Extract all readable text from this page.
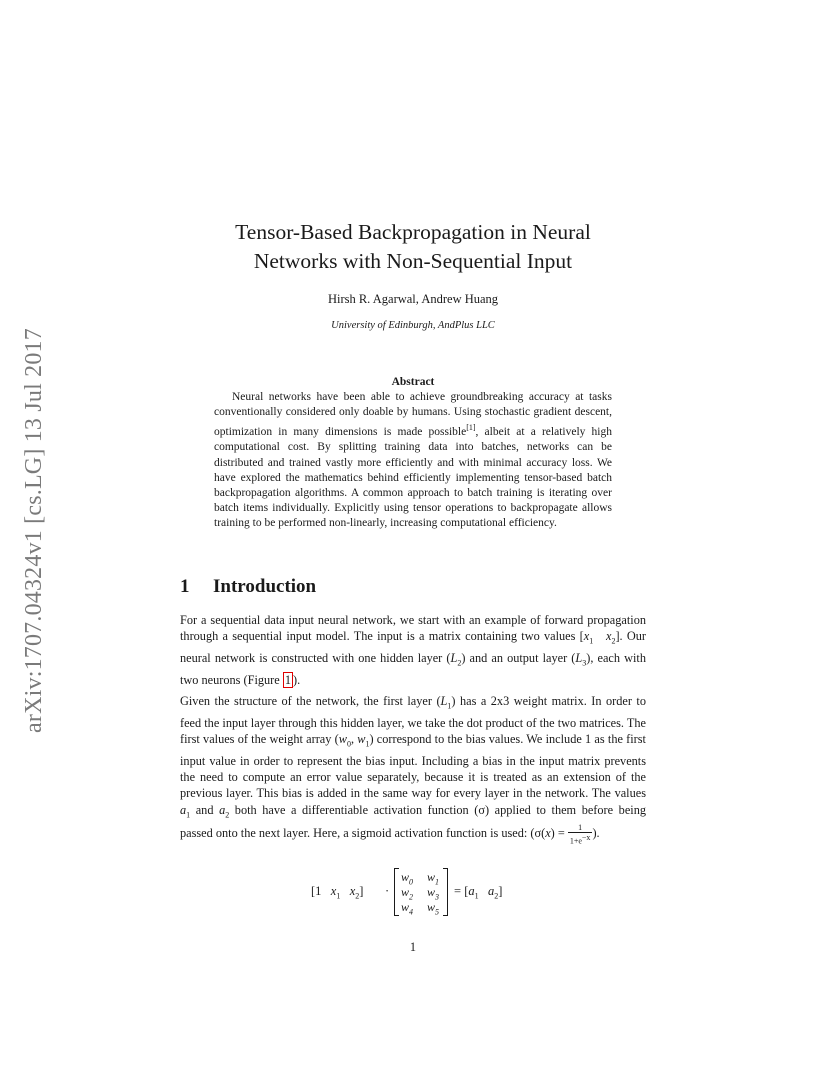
arXiv:1707.04324v1 [cs.LG] 13 Jul 2017
Tensor-Based Backpropagation in Neural
Networks with Non-Sequential Input
Hirsh R. Agarwal, Andrew Huang
University of Edinburgh, AndPlus LLC
Abstract

Neural networks have been able to achieve groundbreaking accuracy at tasks conventionally considered only doable by humans. Using stochastic gradient descent, optimization in many dimensions is made possible[1], albeit at a relatively high computational cost. By splitting training data into batches, networks can be distributed and trained vastly more efficiently and with minimal accuracy loss. We have explored the mathematics behind efficiently implementing tensor-based batch backpropagation algorithms. A common approach to batch training is iterating over batch items individually. Explicitly using tensor operations to backpropagate allows training to be performed non-linearly, increasing computational efficiency.

1 Introduction

For a sequential data input neural network, we start with an example of forward propagation through a sequential input model. The input is a matrix containing two values [$x_1$ $x_2$]. Our neural network is constructed with one hidden layer $(L_2)$ and an output layer $(L_3)$, each with two neurons (Figure 1 ).

Given the structure of the network, the first layer $(L_1)$ has a 2x3 weight matrix. In order to feed the input layer through this hidden layer, we take the dot product of the two matrices. The first values of the weight array ($w_0$, $w_1$) correspond to the bias values. We include 1 as the first input value in order to represent the bias input. Including a bias in the input matrix prevents the need to compute an error value separately, because it is treated as an extension of the previous layer. This bias is added in the same way for every layer in the network. The values $a_1$ and $a_2$ both have a differentiable activation function (σ) applied to them before being passed onto the next layer. Here, a sigmoid activation function is used: ($\sigma(x) = \frac{1}{1+e^{-x}}$ ).

[1 $x_1$ $x_2$] ·
$w_0$ $w_1$
$w_2$ $w_3$
$w_4$ $w_5$
= [$a_1$ $a_2$]
1
